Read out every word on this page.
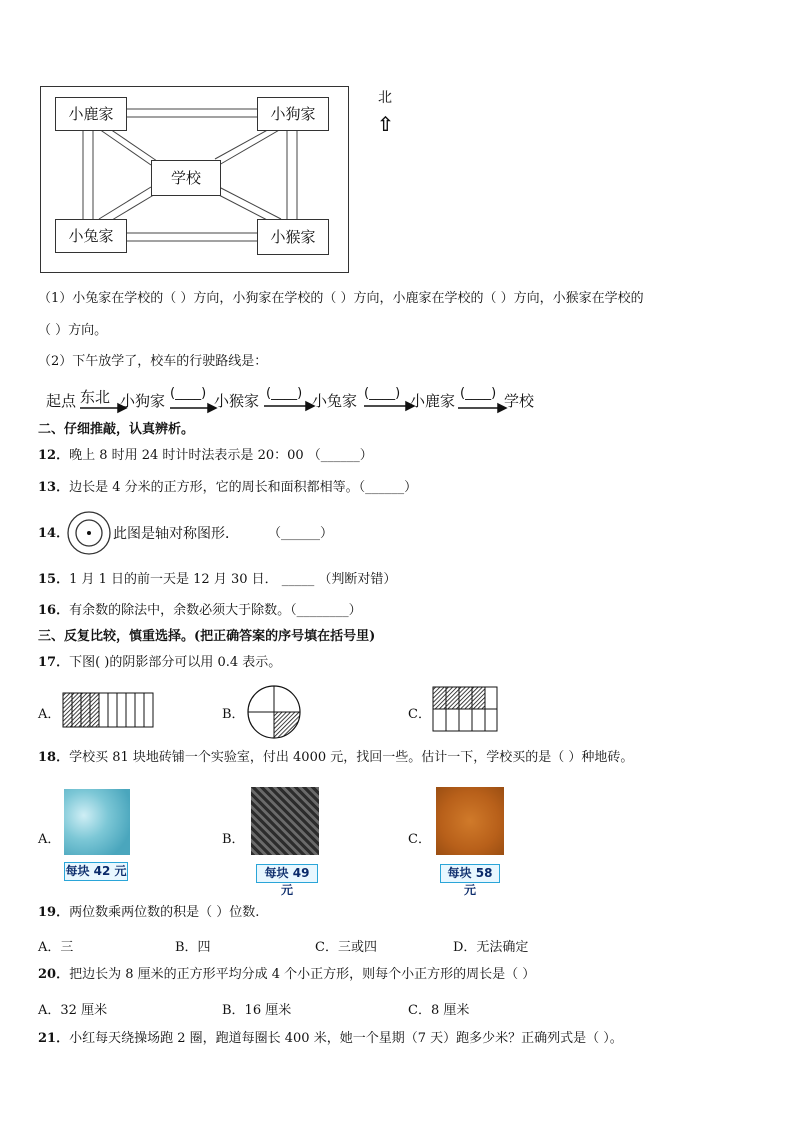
小鹿家	小狗家
学校
小兔家	小猴家
北
⇧
（1）小兔家在学校的（ ）方向，小狗家在学校的（ ）方向，小鹿家在学校的（ ）方向，小猴家在学校的
（ ）方向。
（2）下午放学了，校车的行驶路线是：
起点 东北 小狗家 (____) 小猴家 (____) 小兔家 (____) 小鹿家 (____) 学校
二、仔细推敲，认真辨析。
12．晚上 8 时用 24 时计时法表示是 20：00 （______）
13．边长是 4 分米的正方形，它的周长和面积都相等。（______）
14．	此图是轴对称图形． （______）
15．1 月 1 日的前一天是 12 月 30 日． _____ （判断对错）
16．有余数的除法中，余数必须大于除数。（________）
三、反复比较，慎重选择。(把正确答案的序号填在括号里)
17．下图( )的阴影部分可以用 0.4 表示。
A．	B．	C．
18．学校买 81 块地砖铺一个实验室，付出 4000 元，找回一些。估计一下，学校买的是（ ）种地砖。
A．
每块 42 元
B．
每块 49 元
C．
每块 58 元
19．两位数乘两位数的积是（ ）位数.
A．三	B．四	C．三或四	D．无法确定
20．把边长为 8 厘米的正方形平均分成 4 个小正方形，则每个小正方形的周长是（ ）
A．32 厘米	B．16 厘米	C．8 厘米
21．小红每天绕操场跑 2 圈，跑道每圈长 400 米，她一个星期（7 天）跑多少米？正确列式是（ ）。
